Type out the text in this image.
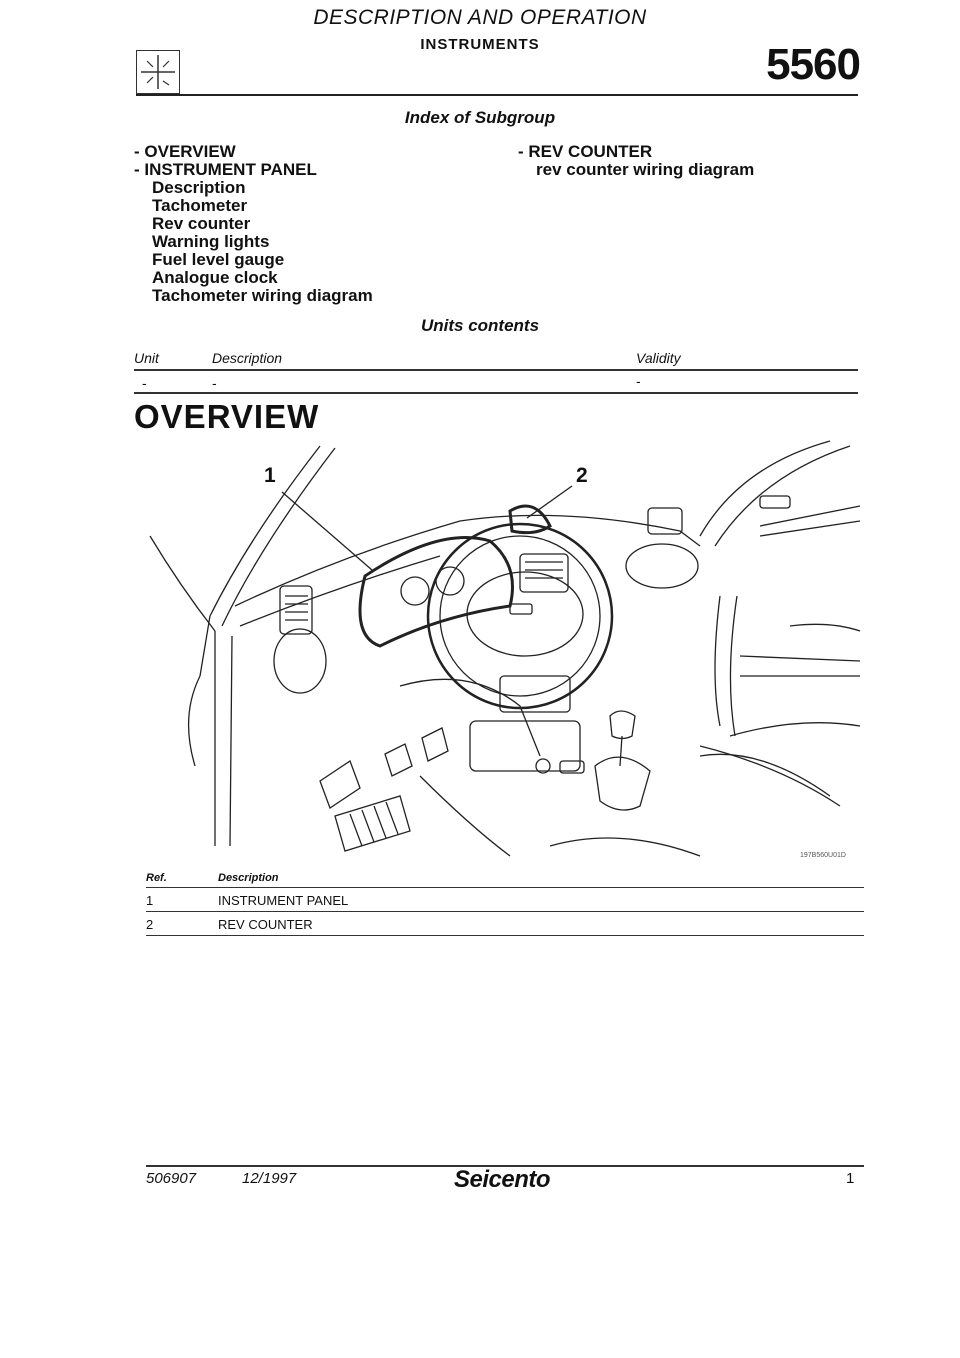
DESCRIPTION AND OPERATION
INSTRUMENTS	5560
Index of Subgroup
- OVERVIEW
- INSTRUMENT PANEL
Description
Tachometer
Rev counter
Warning lights
Fuel level gauge
Analogue clock
Tachometer wiring diagram
- REV COUNTER
rev counter wiring diagram
Units contents
Unit	Description	Validity
-	-	-
OVERVIEW
1	2
197B560U01D
Ref.	Description
1	INSTRUMENT PANEL
2	REV COUNTER
506907	12/1997	Seicento	1
